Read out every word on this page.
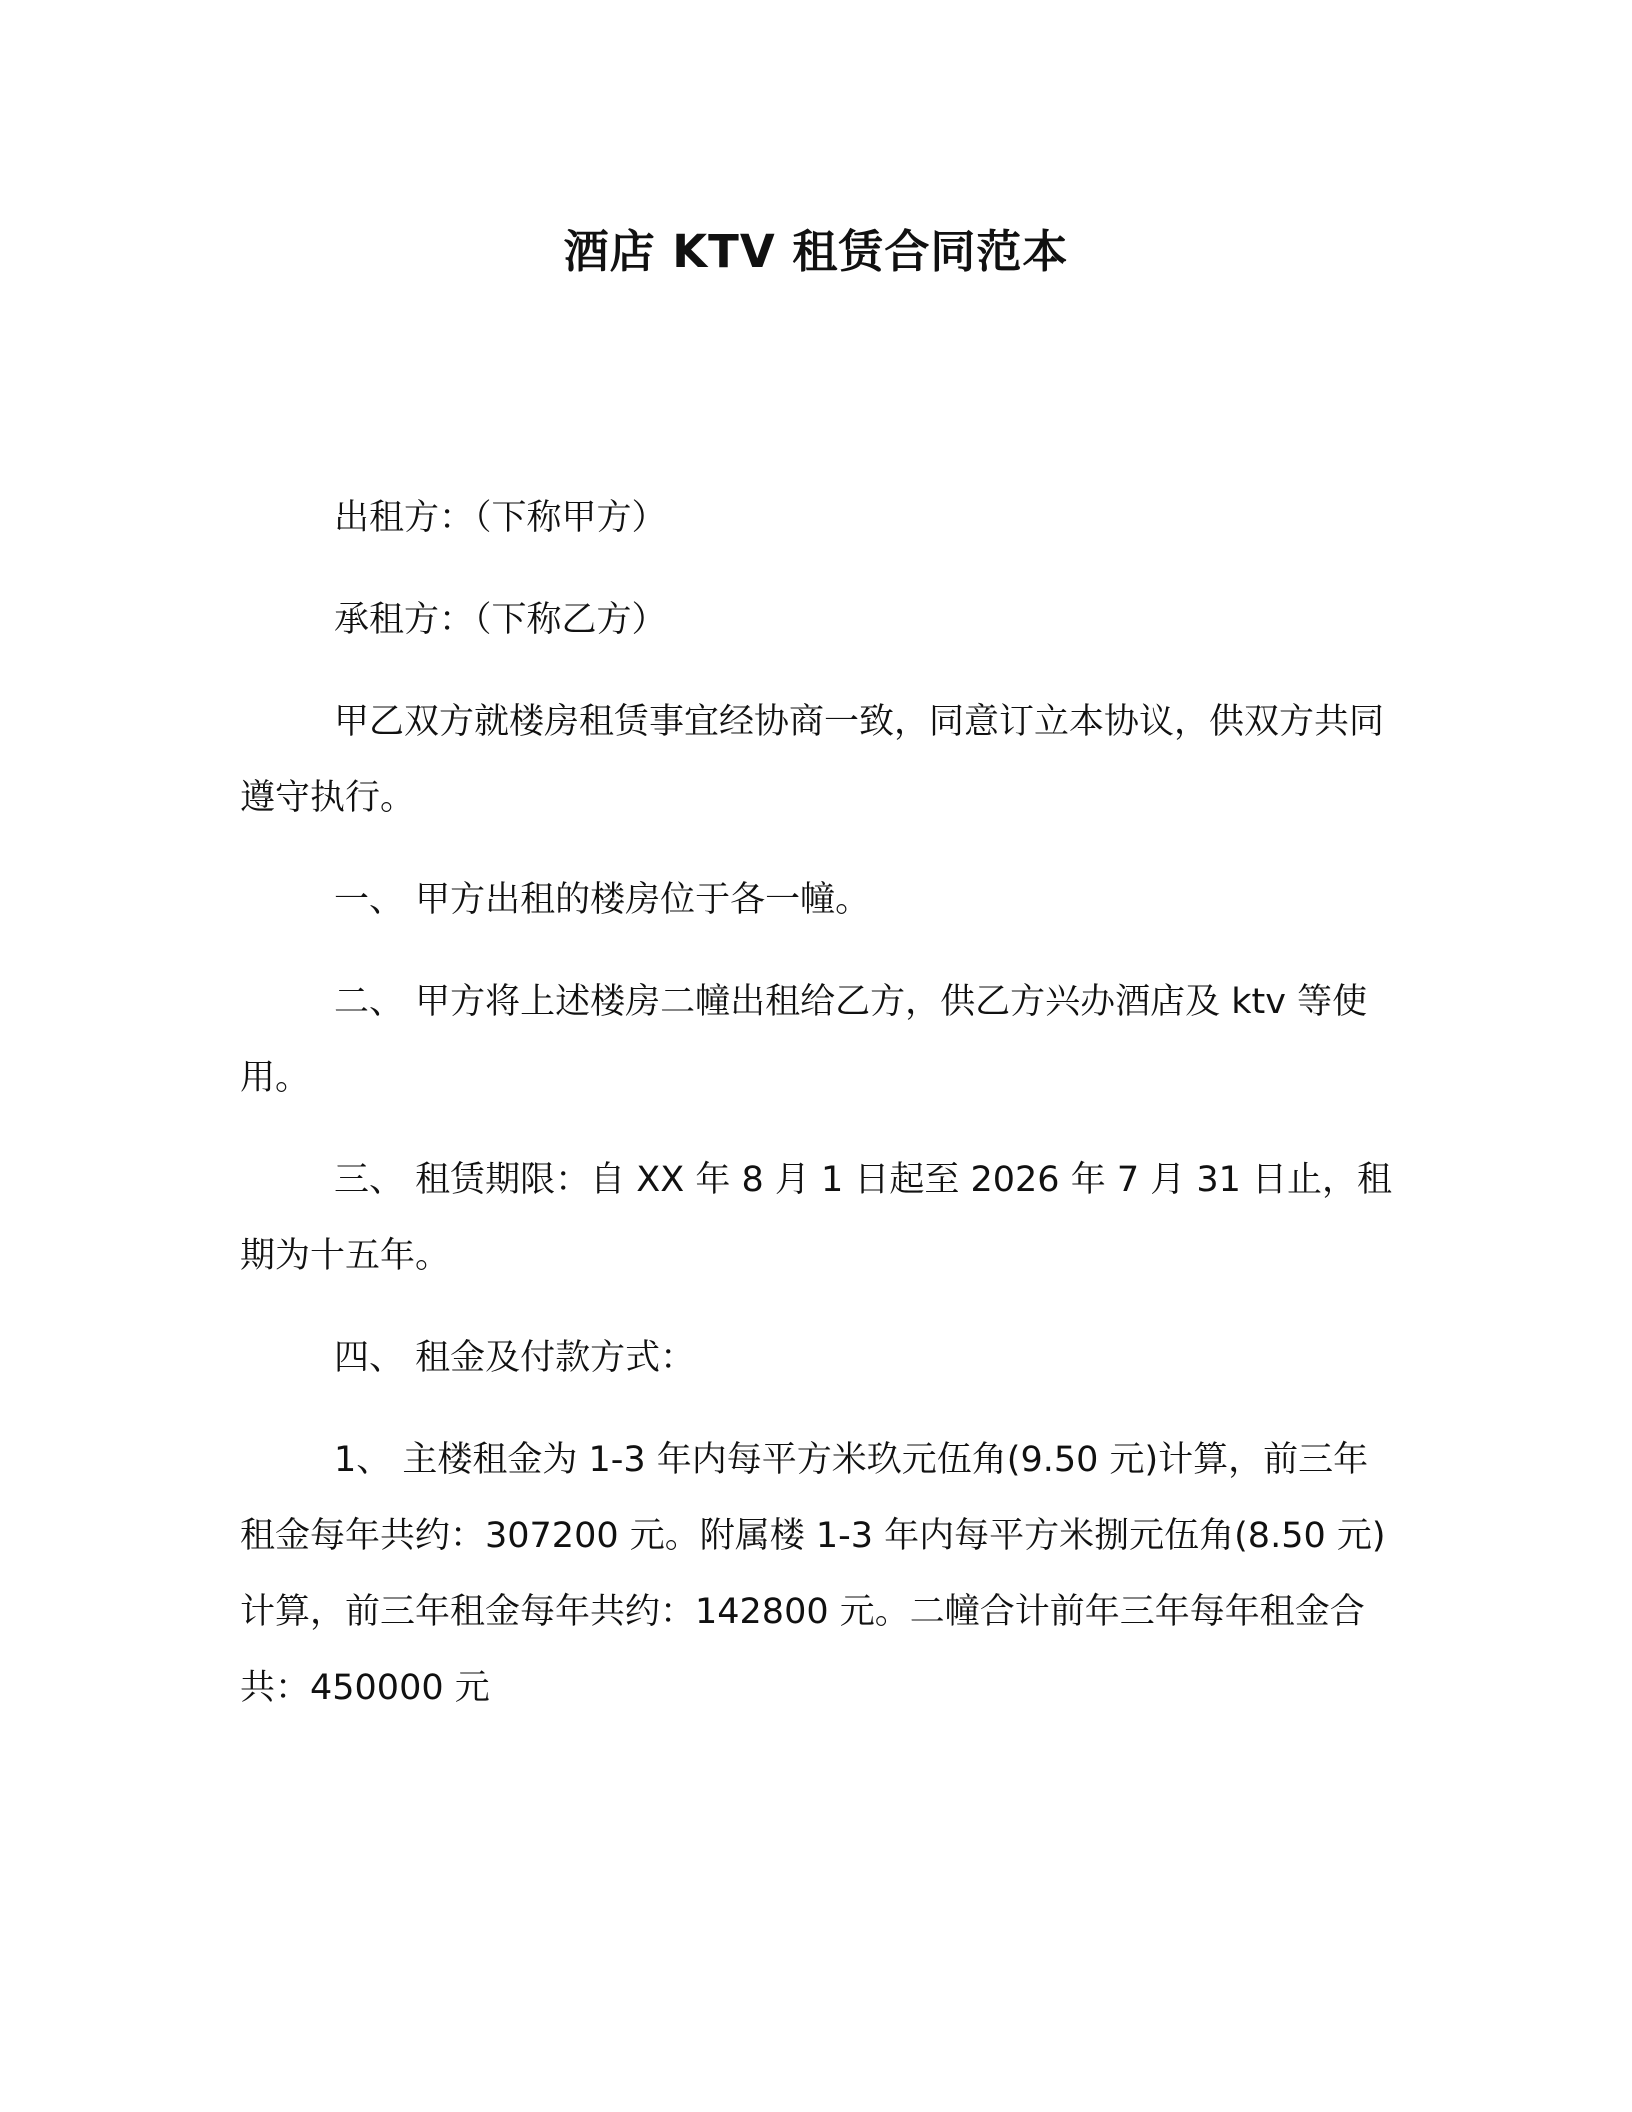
酒店 KTV 租赁合同范本

出租方：（下称甲方）

承租方：（下称乙方）

甲乙双方就楼房租赁事宜经协商一致，同意订立本协议，供双方共同遵守执行。

一、 甲方出租的楼房位于各一幢。

二、 甲方将上述楼房二幢出租给乙方，供乙方兴办酒店及 ktv 等使用。

三、 租赁期限：自 XX 年 8 月 1 日起至 2026 年 7 月 31 日止，租期为十五年。

四、 租金及付款方式：

1、 主楼租金为 1-3 年内每平方米玖元伍角(9.50 元)计算，前三年租金每年共约：307200 元。附属楼 1-3 年内每平方米捌元伍角(8.50 元)计算，前三年租金每年共约：142800 元。二幢合计前年三年每年租金合共：450000 元
